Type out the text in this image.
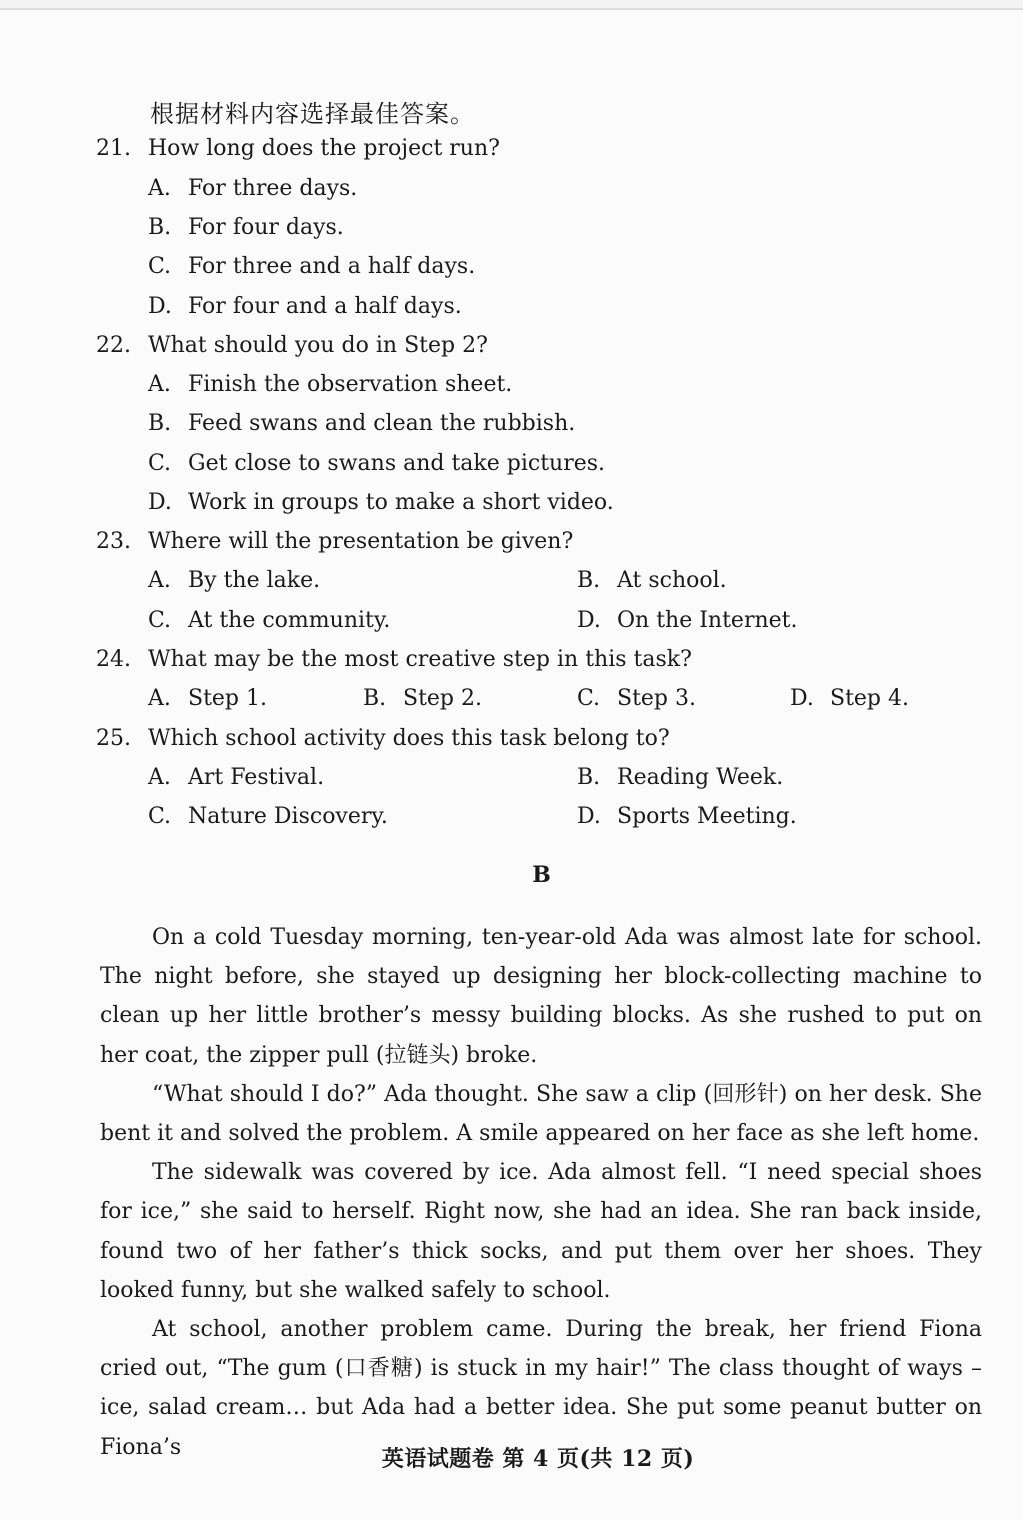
根据材料内容选择最佳答案。
21. How long does the project run?
A. For three days.
B. For four days.
C. For three and a half days.
D. For four and a half days.
22. What should you do in Step 2?
A. Finish the observation sheet.
B. Feed swans and clean the rubbish.
C. Get close to swans and take pictures.
D. Work in groups to make a short video.
23. Where will the presentation be given?
A. By the lake.	B. At school.
C. At the community.	D. On the Internet.
24. What may be the most creative step in this task?
A. Step 1.	B. Step 2.	C. Step 3.	D. Step 4.
25. Which school activity does this task belong to?
A. Art Festival.	B. Reading Week.
C. Nature Discovery.	D. Sports Meeting.
B

On a cold Tuesday morning, ten-year-old Ada was almost late for school. The night before, she stayed up designing her block-collecting machine to clean up her little brother’s messy building blocks. As she rushed to put on her coat, the zipper pull (拉链头) broke.

“What should I do?” Ada thought. She saw a clip (回形针) on her desk. She bent it and solved the problem. A smile appeared on her face as she left home.

The sidewalk was covered by ice. Ada almost fell. “I need special shoes for ice,” she said to herself. Right now, she had an idea. She ran back inside, found two of her father’s thick socks, and put them over her shoes. They looked funny, but she walked safely to school.

At school, another problem came. During the break, her friend Fiona cried out, “The gum (口香糖) is stuck in my hair!” The class thought of ways – ice, salad cream… but Ada had a better idea. She put some peanut butter on Fiona’s	英语试题卷 第 4 页(共 12 页)
